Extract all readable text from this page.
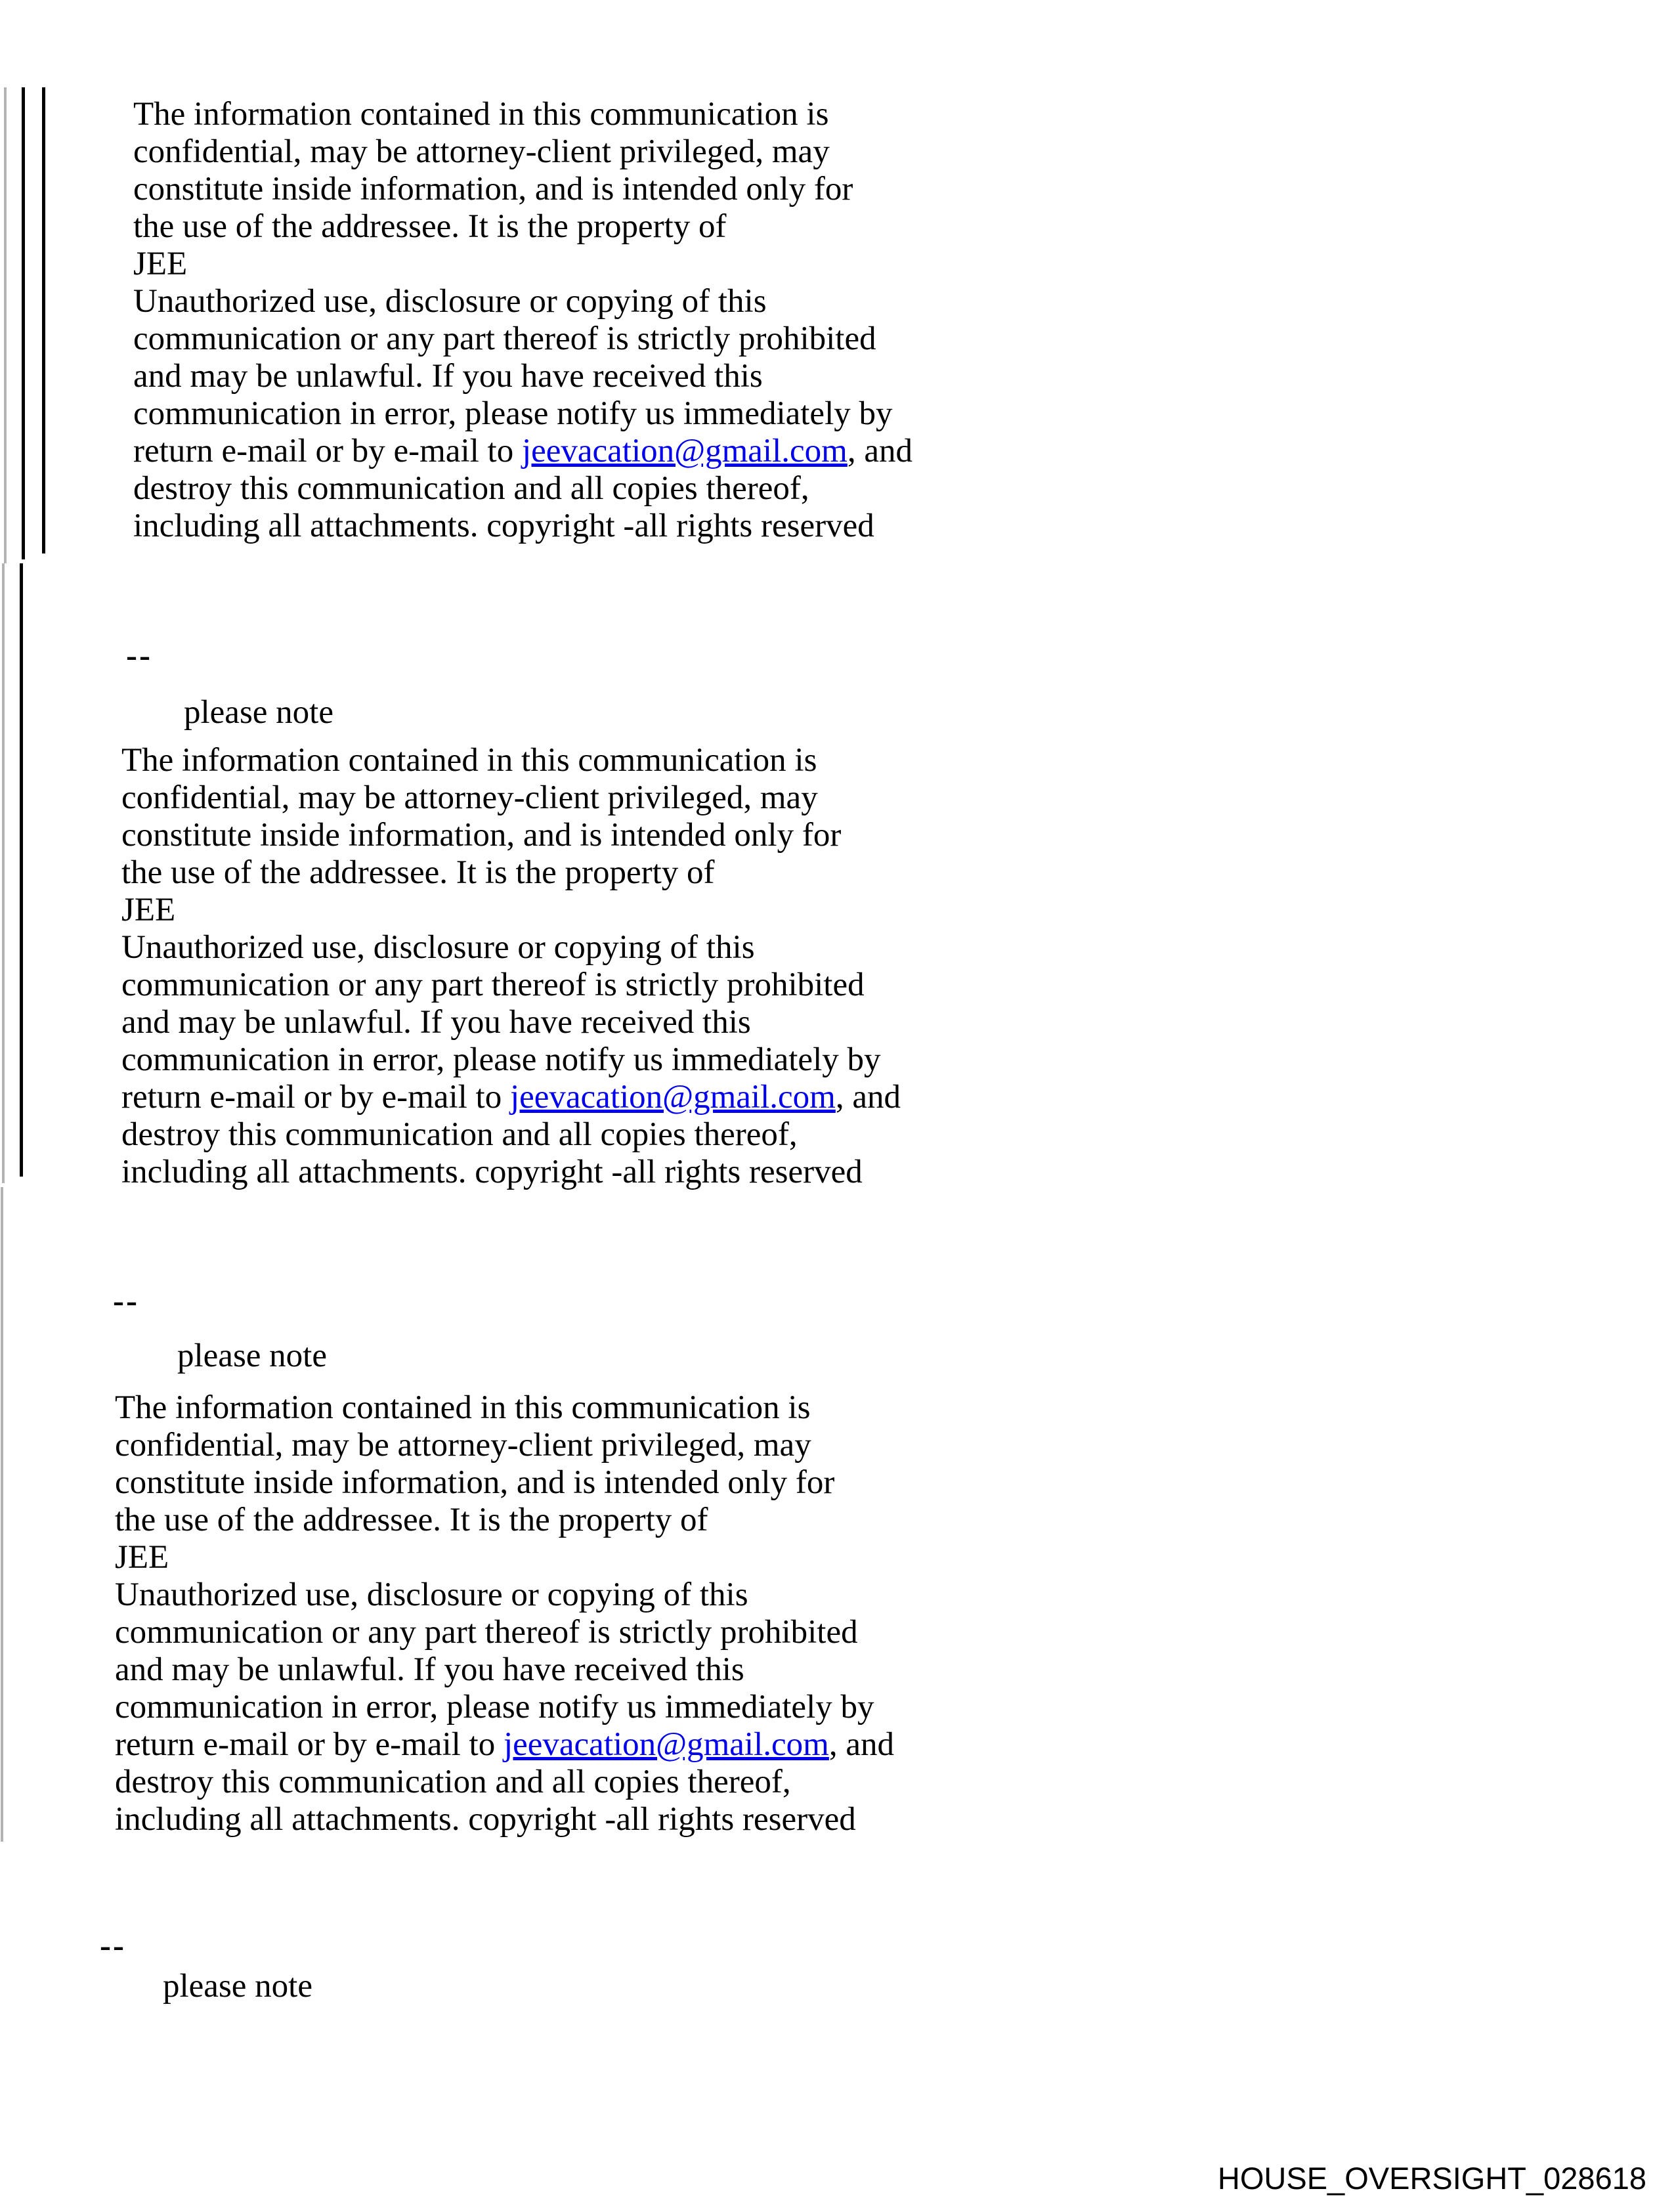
The information contained in this communication is
confidential, may be attorney-client privileged, may
constitute inside information, and is intended only for
the use of the addressee. It is the property of
JEE
Unauthorized use, disclosure or copying of this
communication or any part thereof is strictly prohibited
and may be unlawful. If you have received this
communication in error, please notify us immediately by
return e-mail or by e-mail to jeevacation@gmail.com, and
destroy this communication and all copies thereof,
including all attachments. copyright -all rights reserved
--
please note
The information contained in this communication is
confidential, may be attorney-client privileged, may
constitute inside information, and is intended only for
the use of the addressee. It is the property of
JEE
Unauthorized use, disclosure or copying of this
communication or any part thereof is strictly prohibited
and may be unlawful. If you have received this
communication in error, please notify us immediately by
return e-mail or by e-mail to jeevacation@gmail.com, and
destroy this communication and all copies thereof,
including all attachments. copyright -all rights reserved
--
please note
The information contained in this communication is
confidential, may be attorney-client privileged, may
constitute inside information, and is intended only for
the use of the addressee. It is the property of
JEE
Unauthorized use, disclosure or copying of this
communication or any part thereof is strictly prohibited
and may be unlawful. If you have received this
communication in error, please notify us immediately by
return e-mail or by e-mail to jeevacation@gmail.com, and
destroy this communication and all copies thereof,
including all attachments. copyright -all rights reserved
--
please note
HOUSE_OVERSIGHT_028618
